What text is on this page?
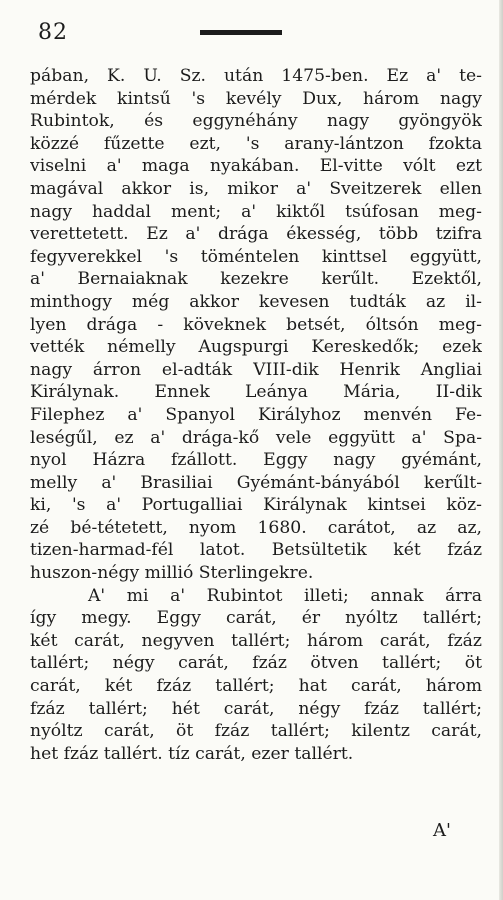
82
pában, K. U. Sz. után 1475-ben. Ez a' te-
mérdek kintsű 's kevély Dux, három nagy
Rubintok, és eggynéhány nagy gyöngyök
közzé fűzette ezt, 's arany-lántzon fzokta
viselni a' maga nyakában. El-vitte vólt ezt
magával akkor is, mikor a' Sveitzerek ellen
nagy haddal ment; a' kiktől tsúfosan meg-
verettetett. Ez a' drága ékesség, több tzifra
fegyverekkel 's töméntelen kinttsel eggyütt,
a' Bernaiaknak kezekre kerűlt. Ezektől,
minthogy még akkor kevesen tudták az il-
lyen drága - köveknek betsét, óltsón meg-
vették némelly Augspurgi Kereskedők; ezek
nagy árron el-adták VIII-dik Henrik Angliai
Királynak. Ennek Leánya Mária, II-dik
Filephez a' Spanyol Királyhoz menvén Fe-
leségűl, ez a' drága-kő vele eggyütt a' Spa-
nyol Házra fzállott. Eggy nagy gyémánt,
melly a' Brasiliai Gyémánt-bányából kerűlt-
ki, 's a' Portugalliai Királynak kintsei köz-
zé bé-tétetett, nyom 1680. carátot, az az,
tizen-harmad-fél latot. Betsültetik két fzáz
huszon-négy millió Sterlingekre.
A' mi a' Rubintot illeti; annak árra
így megy. Eggy carát, ér nyóltz tallért;
két carát, negyven tallért; három carát, fzáz
tallért; négy carát, fzáz ötven tallért; öt
carát, két fzáz tallért; hat carát, három
fzáz tallért; hét carát, négy fzáz tallért;
nyóltz carát, öt fzáz tallért; kilentz carát,
het fzáz tallért. tíz carát, ezer tallért.
A'
